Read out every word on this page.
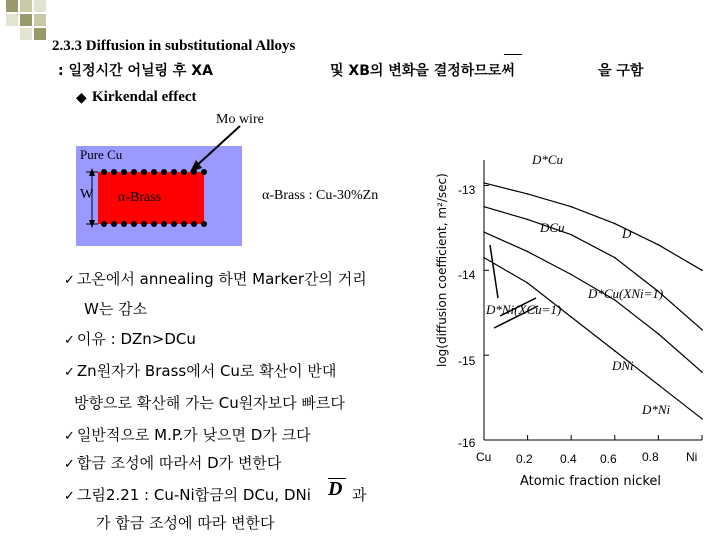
2.3.3 Diffusion in substitutional Alloys
: 일정시간 어닐링 후 XA	및 XB의 변화을 결정하므로써	을 구함
◆ Kirkendal effect
Mo wire
Pure Cu
α-Brass
W	α-Brass : Cu-30%Zn
✓ 고온에서 annealing 하면 Marker간의 거리
W는 감소
✓ 이유 : DZn>DCu
✓ Zn원자가 Brass에서 Cu로 확산이 반대
방향으로 확산해 가는 Cu원자보다 빠르다
✓ 일반적으로 M.P.가 낮으면 D가 크다
✓ 합금 조성에 따라서 D가 변한다
✓ 그림2.21 : Cu-Ni합금의 DCu, DNi D 과
가 합금 조성에 따라 변한다
log(diffusion coefficient, m²/sec) -13
-14
-15
-16
Cu 0.2 0.4 0.6 0.8 Ni
Atomic fraction nickel
D*Cu
DCu	D
D*Cu(XNi=1)
D*Ni(XCu=1)
DNi
D*Ni
